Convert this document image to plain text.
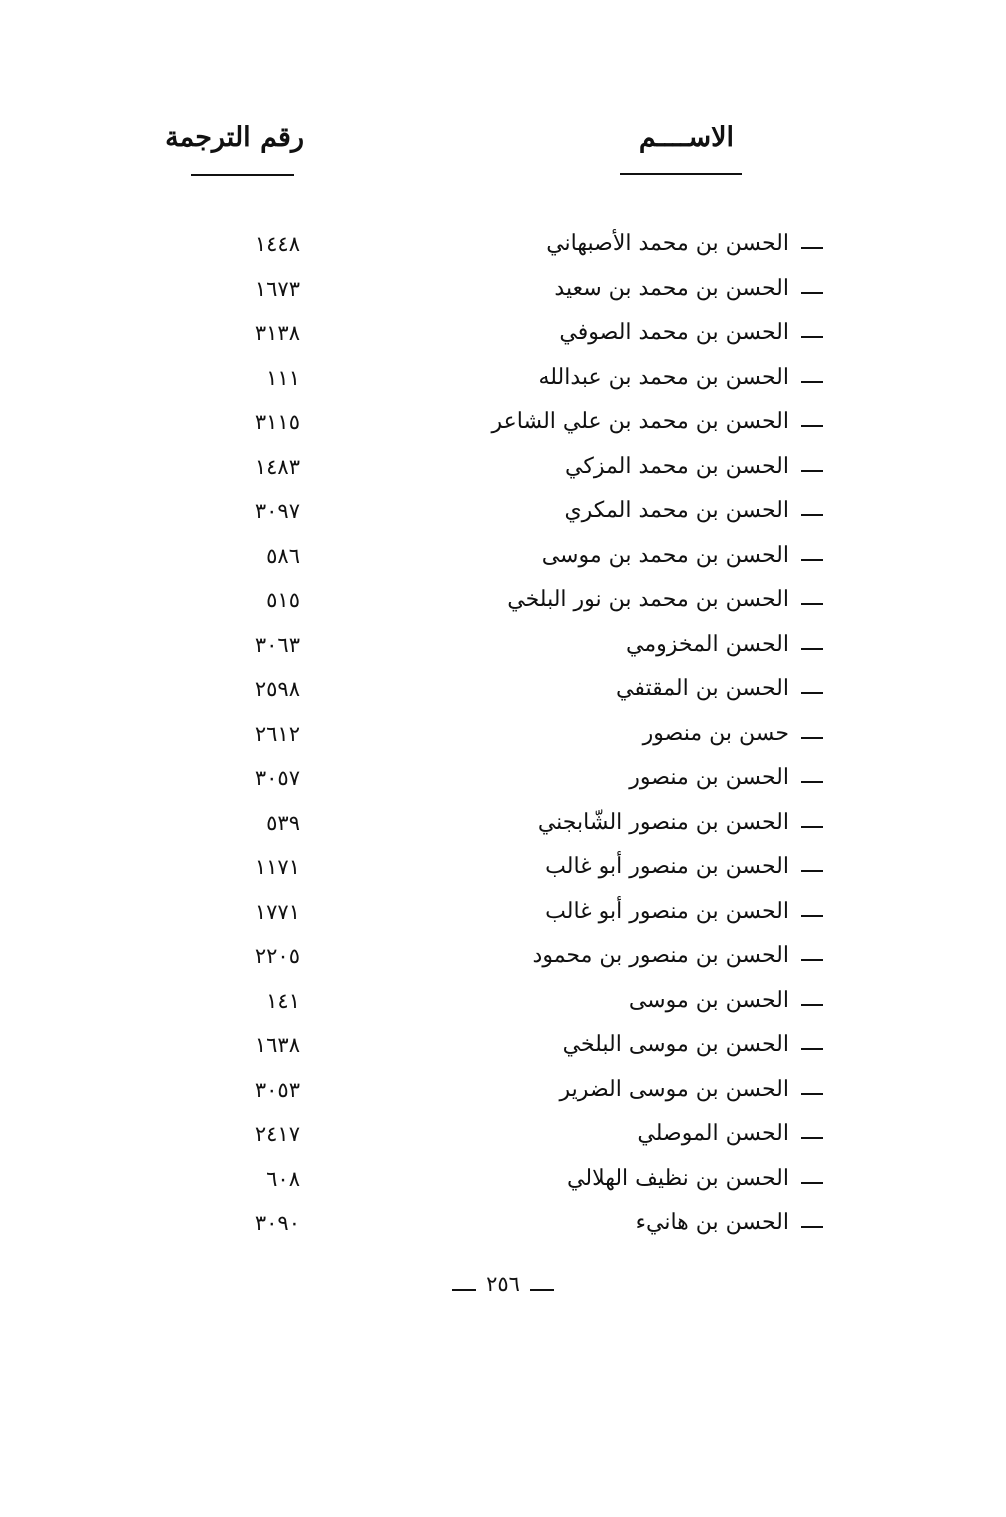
الاســــم
رقم الترجمة
الحسن بن محمد الأصبهاني
١٤٤٨
الحسن بن محمد بن سعيد
١٦٧٣
الحسن بن محمد الصوفي
٣١٣٨
الحسن بن محمد بن عبدالله
١١١
الحسن بن محمد بن علي الشاعر
٣١١٥
الحسن بن محمد المزكي
١٤٨٣
الحسن بن محمد المكري
٣٠٩٧
الحسن بن محمد بن موسى
٥٨٦
الحسن بن محمد بن نور البلخي
٥١٥
الحسن المخزومي
٣٠٦٣
الحسن بن المقتفي
٢٥٩٨
حسن بن منصور
٢٦١٢
الحسن بن منصور
٣٠٥٧
الحسن بن منصور الشّابجني
٥٣٩
الحسن بن منصور أبو غالب
١١٧١
الحسن بن منصور أبو غالب
١٧٧١
الحسن بن منصور بن محمود
٢٢٠٥
الحسن بن موسى
١٤١
الحسن بن موسى البلخي
١٦٣٨
الحسن بن موسى الضرير
٣٠٥٣
الحسن الموصلي
٢٤١٧
الحسن بن نظيف الهلالي
٦٠٨
الحسن بن هانيء
٣٠٩٠
٢٥٦
